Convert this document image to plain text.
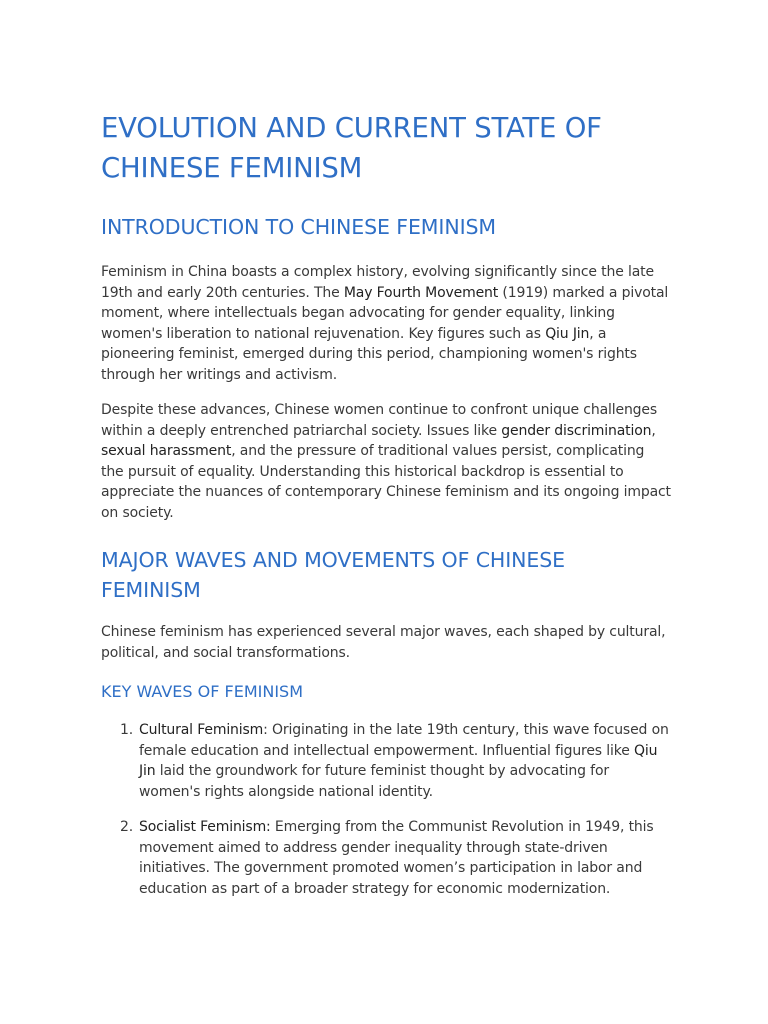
EVOLUTION AND CURRENT STATE OF CHINESE FEMINISM
INTRODUCTION TO CHINESE FEMINISM

Feminism in China boasts a complex history, evolving significantly since the late 19th and early 20th centuries. The May Fourth Movement (1919) marked a pivotal moment, where intellectuals began advocating for gender equality, linking women's liberation to national rejuvenation. Key figures such as Qiu Jin, a pioneering feminist, emerged during this period, championing women's rights through her writings and activism.

Despite these advances, Chinese women continue to confront unique challenges within a deeply entrenched patriarchal society. Issues like gender discrimination, sexual harassment, and the pressure of traditional values persist, complicating the pursuit of equality. Understanding this historical backdrop is essential to appreciate the nuances of contemporary Chinese feminism and its ongoing impact on society.

MAJOR WAVES AND MOVEMENTS OF CHINESE FEMINISM

Chinese feminism has experienced several major waves, each shaped by cultural, political, and social transformations.

KEY WAVES OF FEMINISM
1. Cultural Feminism: Originating in the late 19th century, this wave focused on female education and intellectual empowerment. Influential figures like Qiu Jin laid the groundwork for future feminist thought by advocating for women's rights alongside national identity.
2. Socialist Feminism: Emerging from the Communist Revolution in 1949, this movement aimed to address gender inequality through state-driven initiatives. The government promoted women’s participation in labor and education as part of a broader strategy for economic modernization.
